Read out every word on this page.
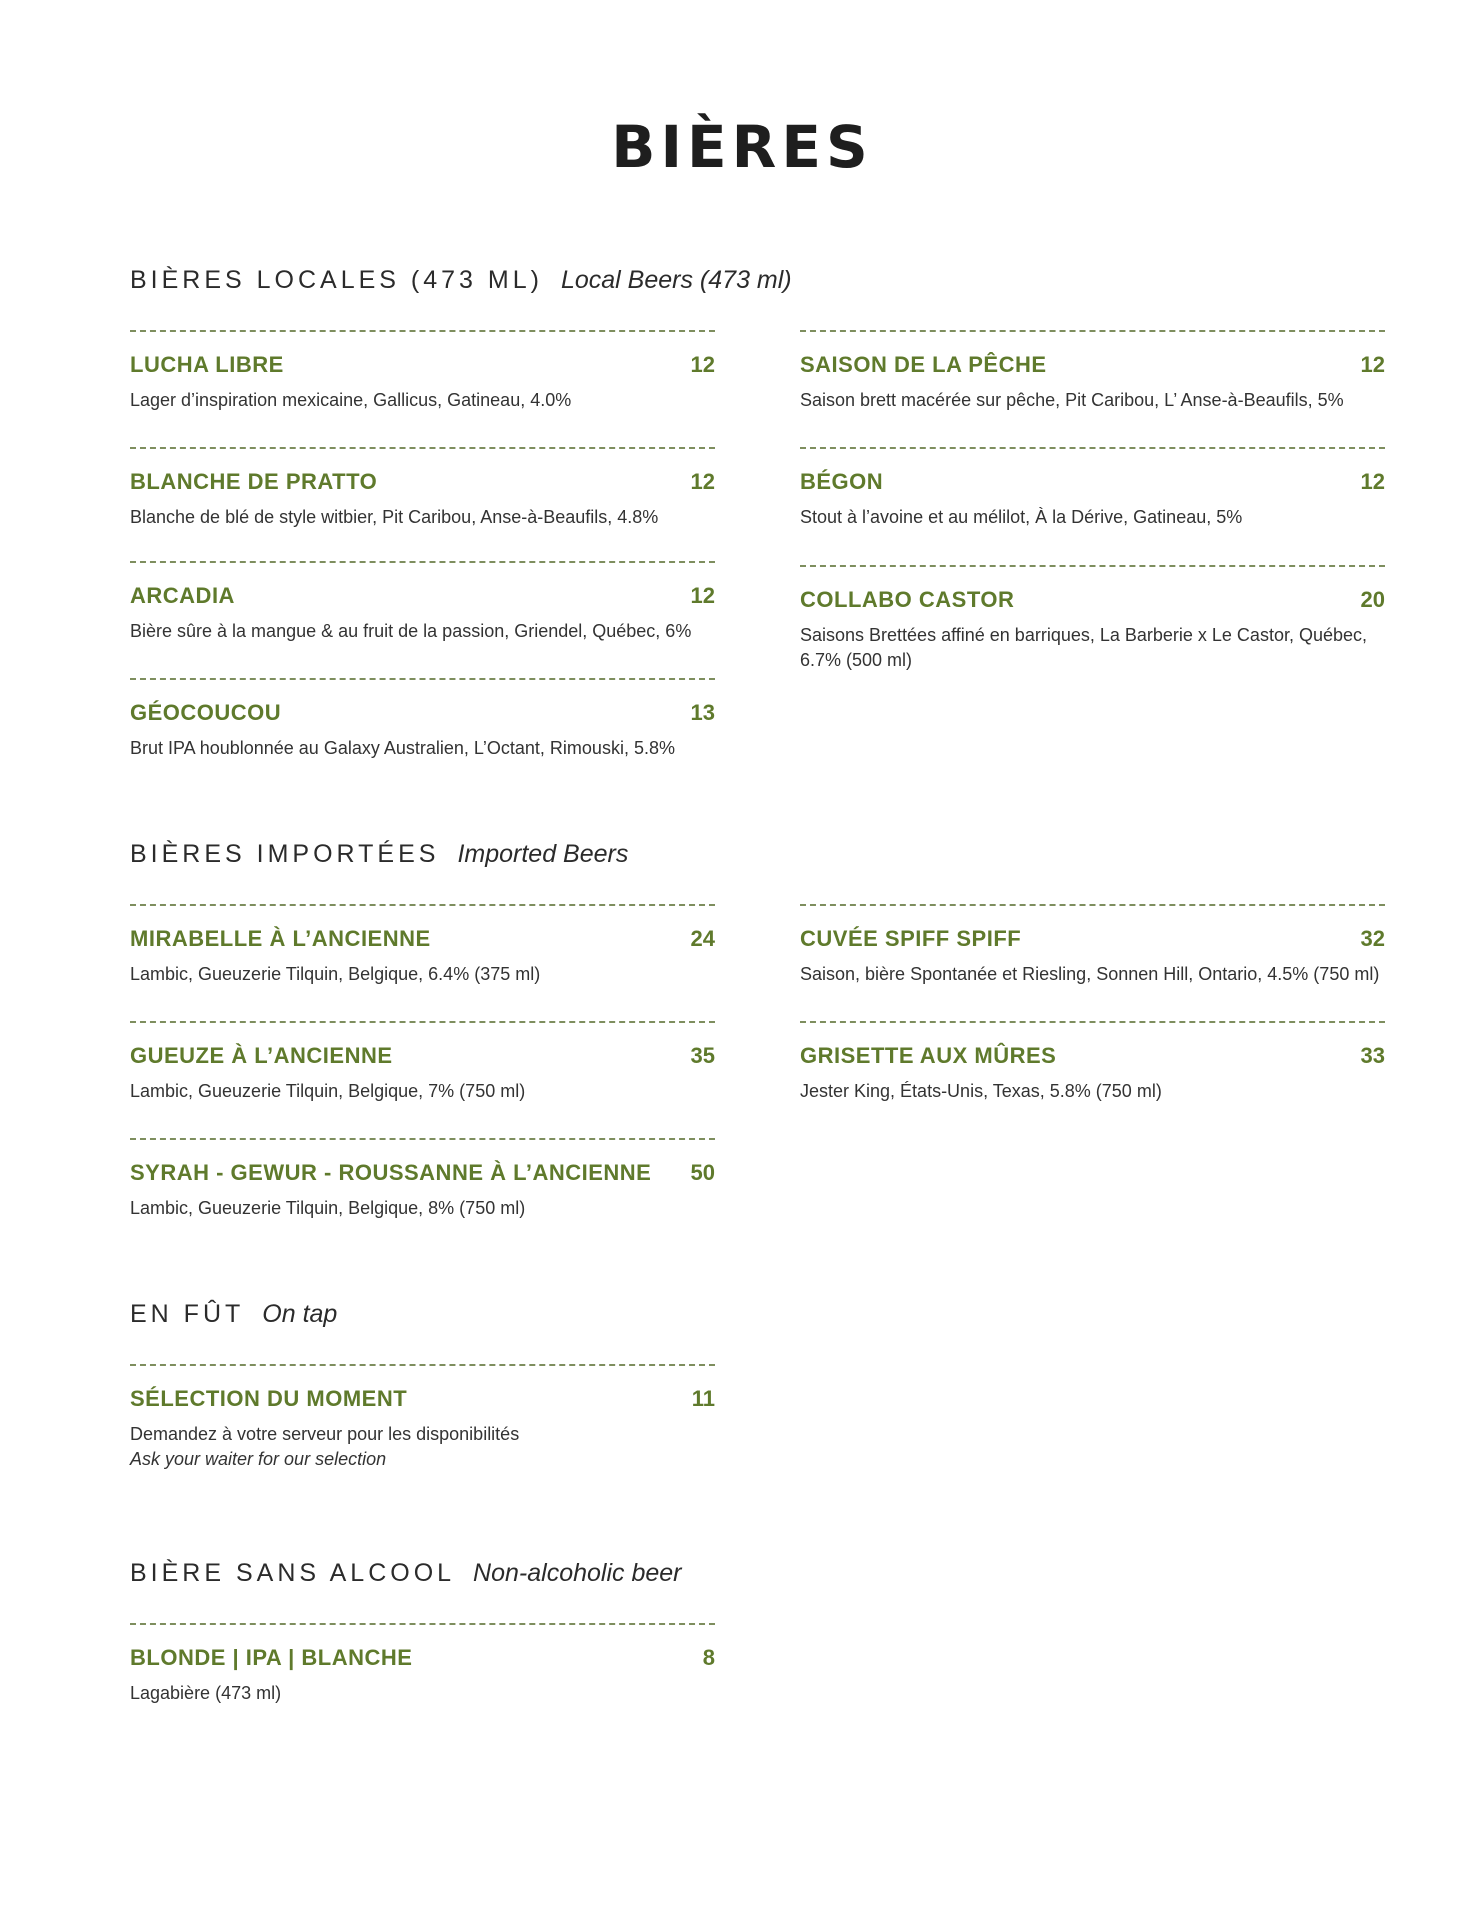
BIÈRES
BIÈRES LOCALES (473 ML) Local Beers (473 ml)
LUCHA LIBRE	12
Lager d’inspiration mexicaine, Gallicus, Gatineau, 4.0%
SAISON DE LA PÊCHE	12
Saison brett macérée sur pêche, Pit Caribou, L’ Anse-à-Beaufils, 5%
BLANCHE DE PRATTO	12
Blanche de blé de style witbier, Pit Caribou, Anse-à-Beaufils, 4.8%
BÉGON	12
Stout à l’avoine et au mélilot, À la Dérive, Gatineau, 5%
ARCADIA	12
Bière sûre à la mangue & au fruit de la passion, Griendel, Québec, 6%
COLLABO CASTOR	20
Saisons Brettées affiné en barriques, La Barberie x Le Castor, Québec, 6.7% (500 ml)
GÉOCOUCOU	13
Brut IPA houblonnée au Galaxy Australien, L’Octant, Rimouski, 5.8%
BIÈRES IMPORTÉES Imported Beers
MIRABELLE À L’ANCIENNE	24
Lambic, Gueuzerie Tilquin, Belgique, 6.4% (375 ml)
CUVÉE SPIFF SPIFF	32
Saison, bière Spontanée et Riesling, Sonnen Hill, Ontario, 4.5% (750 ml)
GUEUZE À L’ANCIENNE	35
Lambic, Gueuzerie Tilquin, Belgique, 7% (750 ml)
GRISETTE AUX MÛRES	33
Jester King, États-Unis, Texas, 5.8% (750 ml)
SYRAH - GEWUR - ROUSSANNE À L’ANCIENNE 50
Lambic, Gueuzerie Tilquin, Belgique, 8% (750 ml)
EN FÛT On tap
SÉLECTION DU MOMENT	11
Demandez à votre serveur pour les disponibilités
Ask your waiter for our selection
BIÈRE SANS ALCOOL Non-alcoholic beer
BLONDE | IPA | BLANCHE	8
Lagabière (473 ml)
